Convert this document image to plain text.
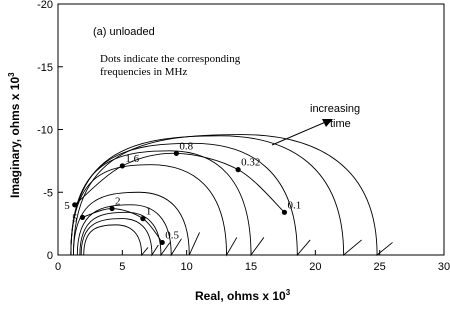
0	5	10	15	20	25	30
0
-5
-10
-15
-20
5
1.6
0.8
0.32
0.1
5
2
1
0.5
(a) unloaded
Dots indicate the corresponding
frequencies in MHz
increasing
time
Real, ohms x $10^3$
Imaginary, ohms x $10^3$
